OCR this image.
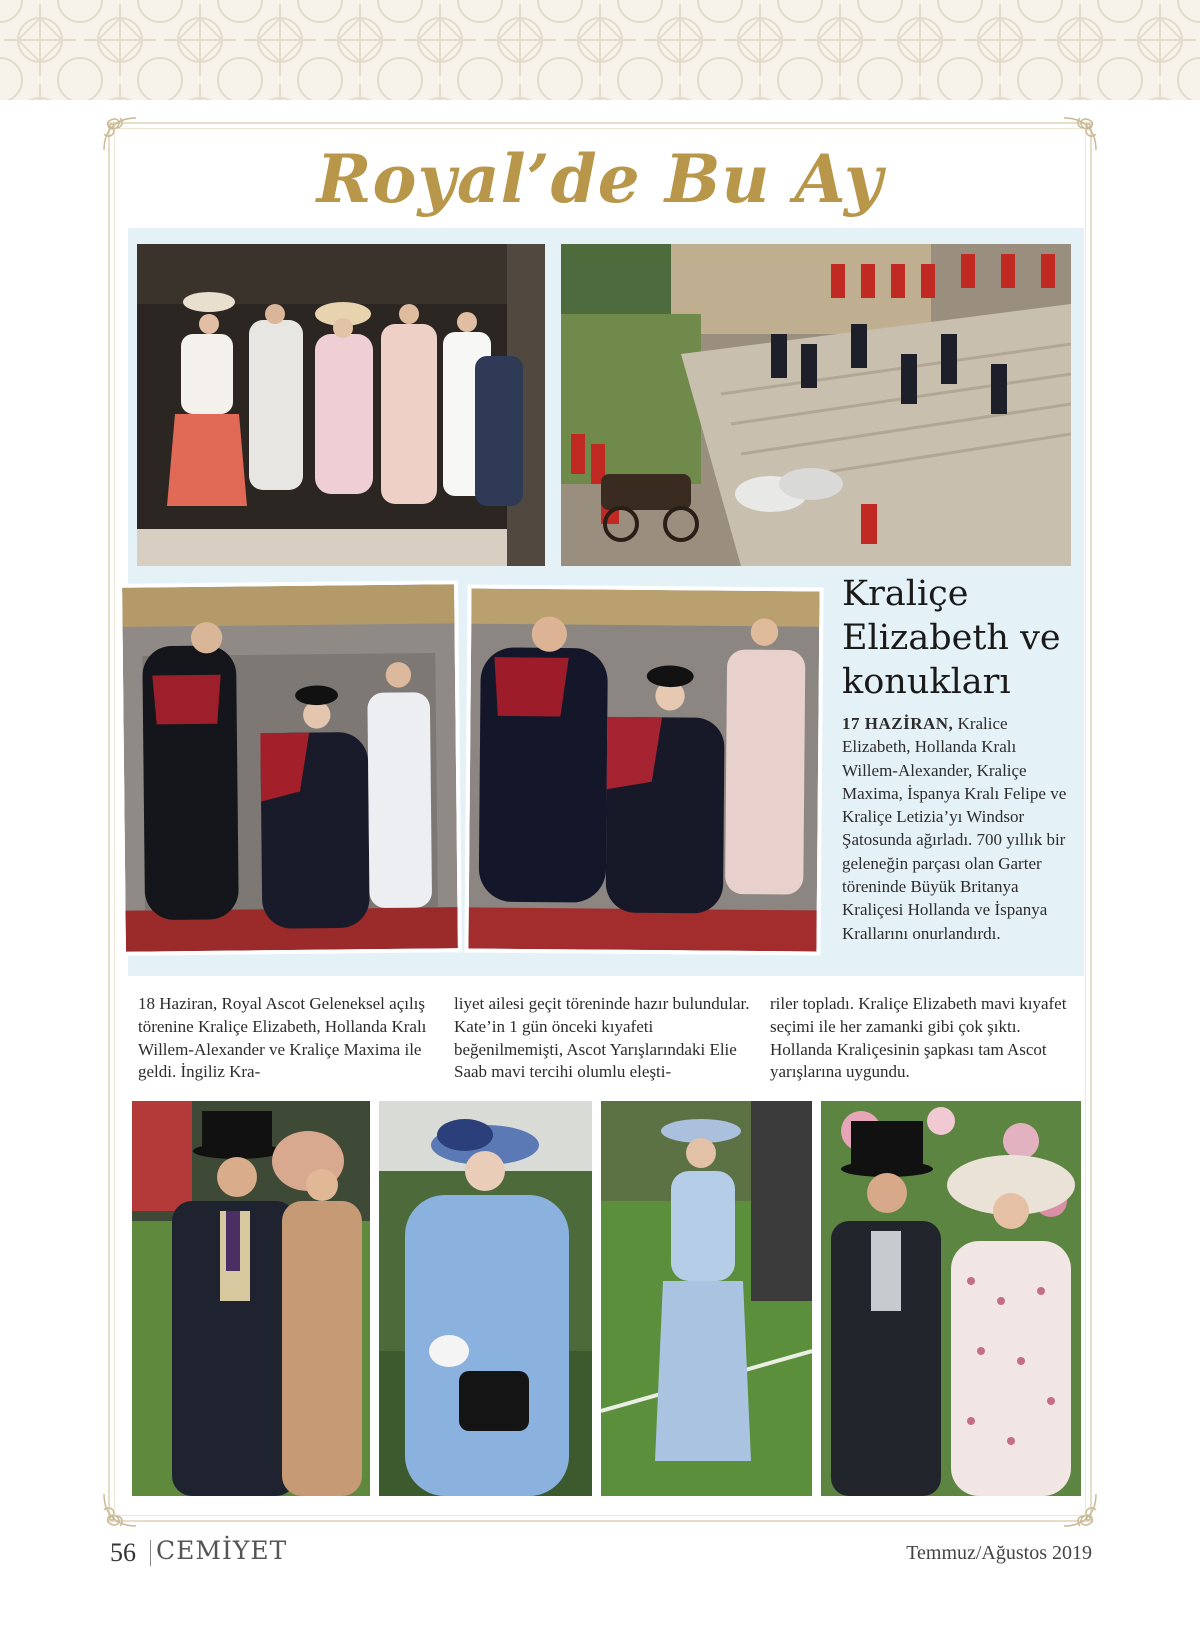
Royal’de Bu Ay
Kraliçe Elizabeth ve konukları
17 HAZİRAN, Kralice Elizabeth, Hollanda Kralı Willem-Alexander, Kraliçe Maxima, İspanya Kralı Felipe ve Kraliçe Letizia’yı Windsor Şatosunda ağırladı. 700 yıllık bir geleneğin parçası olan Garter töreninde Büyük Britanya Kraliçesi Hollanda ve İspanya Krallarını onurlandırdı.
18 Haziran, Royal Ascot Geleneksel açılış törenine Kraliçe Elizabeth, Hollanda Kralı Willem-Alexander ve Kraliçe Maxima ile geldi. İngiliz Kra-
liyet ailesi geçit töreninde hazır bulundular. Kate’in 1 gün önceki kıyafeti beğenilmemişti, Ascot Yarışlarındaki Elie Saab mavi tercihi olumlu eleşti-
riler topladı. Kraliçe Elizabeth mavi kıyafet seçimi ile her zamanki gibi çok şıktı. Hollanda Kraliçesinin şapkası tam Ascot yarışlarına uygundu.
56 CEMİYET	Temmuz/Ağustos 2019
